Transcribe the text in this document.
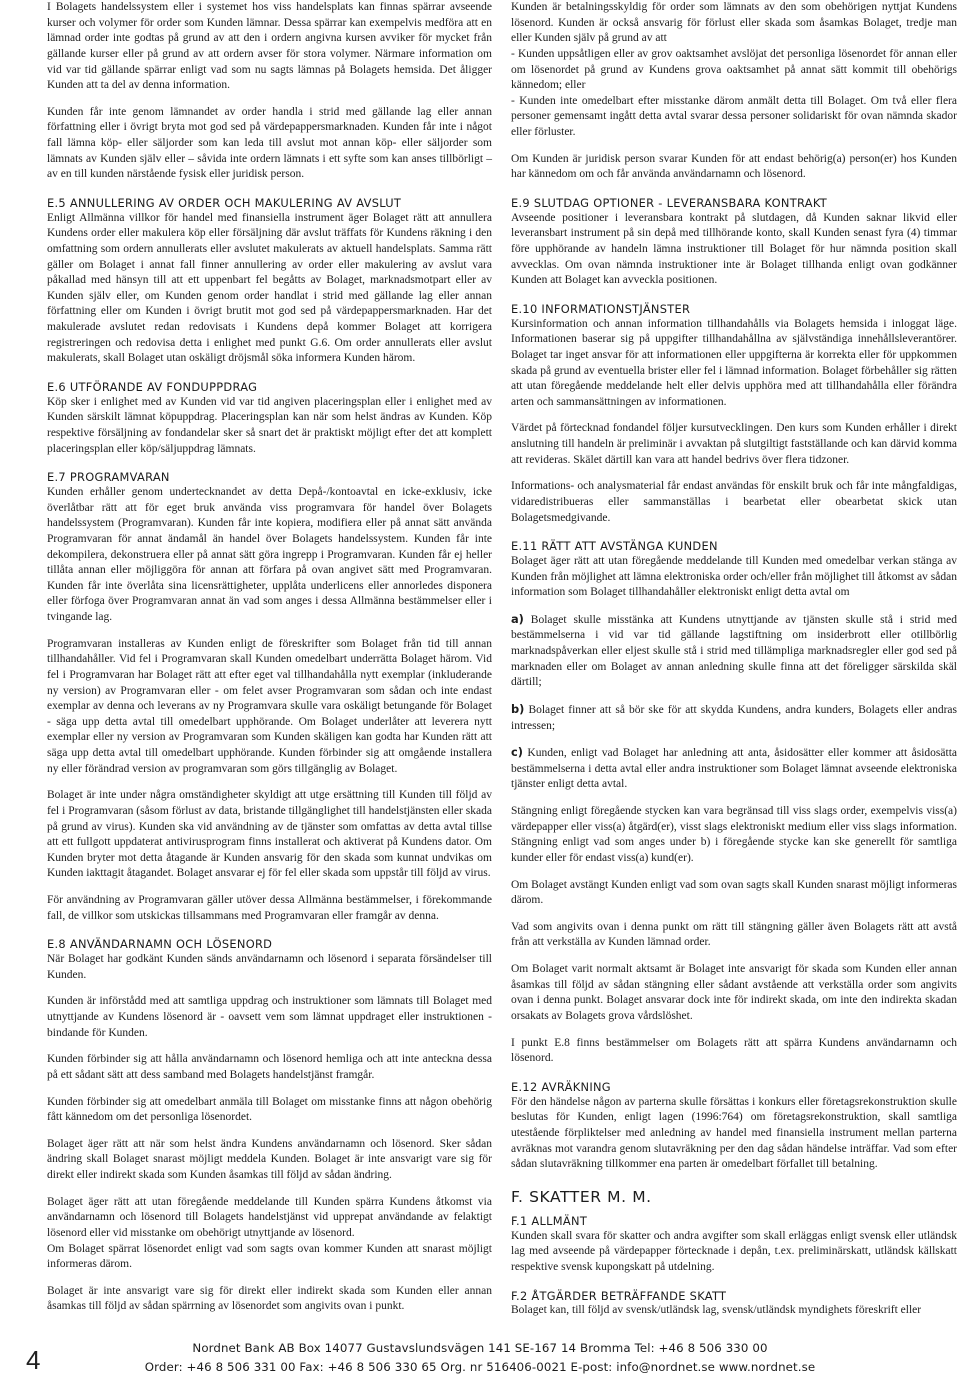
I Bolagets handelssystem eller i systemet hos viss handelsplats kan finnas spärrar avseende kurser och volymer för order som Kunden lämnar. Dessa spärrar kan exempelvis medföra att en lämnad order inte godtas på grund av att den i ordern angivna kursen avviker för mycket från gällande kurser eller på grund av att ordern avser för stora volymer. Närmare information om vid var tid gällande spärrar enligt vad som nu sagts lämnas på Bolagets hemsida. Det åligger Kunden att ta del av denna information.

Kunden får inte genom lämnandet av order handla i strid med gällande lag eller annan författning eller i övrigt bryta mot god sed på värdepappersmarknaden. Kunden får inte i något fall lämna köp- eller säljorder som kan leda till avslut mot annan köp- eller säljorder som lämnats av Kunden själv eller – såvida inte ordern lämnats i ett syfte som kan anses tillbörligt – av en till kunden närstående fysisk eller juridisk person.

E.5 ANNULLERING AV ORDER OCH MAKULERING AV AVSLUT

Enligt Allmänna villkor för handel med finansiella instrument äger Bolaget rätt att annullera Kundens order eller makulera köp eller försäljning där avslut träffats för Kundens räkning i den omfattning som ordern annullerats eller avslutet makulerats av aktuell handelsplats. Samma rätt gäller om Bolaget i annat fall finner annullering av order eller makulering av avslut vara påkallad med hänsyn till att ett uppenbart fel begåtts av Bolaget, marknadsmotpart eller av Kunden själv eller, om Kunden genom order handlat i strid med gällande lag eller annan författning eller om Kunden i övrigt brutit mot god sed på värdepappersmarknaden. Har det makulerade avslutet redan redovisats i Kundens depå kommer Bolaget att korrigera registreringen och redovisa detta i enlighet med punkt G.6. Om order annullerats eller avslut makulerats, skall Bolaget utan oskäligt dröjsmål söka informera Kunden härom.

E.6 UTFÖRANDE AV FONDUPPDRAG

Köp sker i enlighet med av Kunden vid var tid angiven placeringsplan eller i enlighet med av Kunden särskilt lämnat köpuppdrag. Placeringsplan kan när som helst ändras av Kunden. Köp respektive försäljning av fondandelar sker så snart det är praktiskt möjligt efter det att komplett placeringsplan eller köp/säljuppdrag lämnats.

E.7 PROGRAMVARAN

Kunden erhåller genom undertecknandet av detta Depå-/kontoavtal en icke-exklusiv, icke överlåtbar rätt att för eget bruk använda viss programvara för handel över Bolagets handelssystem (Programvaran). Kunden får inte kopiera, modifiera eller på annat sätt använda Programvaran för annat ändamål än handel över Bolagets handelssystem. Kunden får inte dekompilera, dekonstruera eller på annat sätt göra ingrepp i Programvaran. Kunden får ej heller tillåta annan eller möjliggöra för annan att förfara på ovan angivet sätt med Programvaran. Kunden får inte överlåta sina licensrättigheter, upplåta underlicens eller annorledes disponera eller förfoga över Programvaran annat än vad som anges i dessa Allmänna bestämmelser eller i tvingande lag.

Programvaran installeras av Kunden enligt de föreskrifter som Bolaget från tid till annan tillhandahåller. Vid fel i Programvaran skall Kunden omedelbart underrätta Bolaget härom. Vid fel i Programvaran har Bolaget rätt att efter eget val tillhandahålla nytt exemplar (inkluderande ny version) av Programvaran eller - om felet avser Programvaran som sådan och inte endast exemplar av denna och leverans av ny Programvara skulle vara oskäligt betungande för Bolaget - säga upp detta avtal till omedelbart upphörande. Om Bolaget underlåter att leverera nytt exemplar eller ny version av Programvaran som Kunden skäligen kan godta har Kunden rätt att säga upp detta avtal till omedelbart upphörande. Kunden förbinder sig att omgående installera ny eller förändrad version av programvaran som görs tillgänglig av Bolaget.

Bolaget är inte under några omständigheter skyldigt att utge ersättning till Kunden till följd av fel i Programvaran (såsom förlust av data, bristande tillgänglighet till handelstjänsten eller skada på grund av virus). Kunden ska vid användning av de tjänster som omfattas av detta avtal tillse att ett fullgott uppdaterat antivirusprogram finns installerat och aktiverat på Kundens dator. Om Kunden bryter mot detta åtagande är Kunden ansvarig för den skada som kunnat undvikas om Kunden iakttagit åtagandet. Bolaget ansvarar ej för fel eller skada som uppstår till följd av virus.

För användning av Programvaran gäller utöver dessa Allmänna bestämmelser, i förekommande fall, de villkor som utskickas tillsammans med Programvaran eller framgår av denna.

E.8 ANVÄNDARNAMN OCH LÖSENORD

När Bolaget har godkänt Kunden sänds användarnamn och lösenord i separata försändelser till Kunden.

Kunden är införstådd med att samtliga uppdrag och instruktioner som lämnats till Bolaget med utnyttjande av Kundens lösenord är - oavsett vem som lämnat uppdraget eller instruktionen - bindande för Kunden.

Kunden förbinder sig att hålla användarnamn och lösenord hemliga och att inte anteckna dessa på ett sådant sätt att dess samband med Bolagets handelstjänst framgår.

Kunden förbinder sig att omedelbart anmäla till Bolaget om misstanke finns att någon obehörig fått kännedom om det personliga lösenordet.

Bolaget äger rätt att när som helst ändra Kundens användarnamn och lösenord. Sker sådan ändring skall Bolaget snarast möjligt meddela Kunden. Bolaget är inte ansvarigt vare sig för direkt eller indirekt skada som Kunden åsamkas till följd av sådan ändring.

Bolaget äger rätt att utan föregående meddelande till Kunden spärra Kundens åtkomst via användarnamn och lösenord till Bolagets handelstjänst vid upprepat användande av felaktigt lösenord eller vid misstanke om obehörigt utnyttjande av lösenord.

Om Bolaget spärrat lösenordet enligt vad som sagts ovan kommer Kunden att snarast möjligt informeras därom.

Bolaget är inte ansvarigt vare sig för direkt eller indirekt skada som Kunden eller annan åsamkas till följd av sådan spärrning av lösenordet som angivits ovan i punkt.

Kunden är betalningsskyldig för order som lämnats av den som obehörigen nyttjat Kundens lösenord. Kunden är också ansvarig för förlust eller skada som åsamkas Bolaget, tredje man eller Kunden själv på grund av att

- Kunden uppsåtligen eller av grov oaktsamhet avslöjat det personliga lösenordet för annan eller om lösenordet på grund av Kundens grova oaktsamhet på annat sätt kommit till obehörigs kännedom; eller

- Kunden inte omedelbart efter misstanke därom anmält detta till Bolaget. Om två eller flera personer gemensamt ingått detta avtal svarar dessa personer solidariskt för ovan nämnda skador eller förluster.

Om Kunden är juridisk person svarar Kunden för att endast behörig(a) person(er) hos Kunden har kännedom om och får använda användarnamn och lösenord.

E.9 SLUTDAG OPTIONER - LEVERANSBARA KONTRAKT

Avseende positioner i leveransbara kontrakt på slutdagen, då Kunden saknar likvid eller leveransbart instrument på sin depå med tillhörande konto, skall Kunden senast fyra (4) timmar före upphörande av handeln lämna instruktioner till Bolaget för hur nämnda position skall avvecklas. Om ovan nämnda instruktioner inte är Bolaget tillhanda enligt ovan godkänner Kunden att Bolaget kan avveckla positionen.

E.10 INFORMATIONSTJÄNSTER

Kursinformation och annan information tillhandahålls via Bolagets hemsida i inloggat läge. Informationen baserar sig på uppgifter tillhandahållna av självständiga innehållsleverantörer. Bolaget tar inget ansvar för att informationen eller uppgifterna är korrekta eller för uppkommen skada på grund av eventuella brister eller fel i lämnad information. Bolaget förbehåller sig rätten att utan föregående meddelande helt eller delvis upphöra med att tillhandahålla eller förändra arten och sammansättningen av informationen.

Värdet på förtecknad fondandel följer kursutvecklingen. Den kurs som Kunden erhåller i direkt anslutning till handeln är preliminär i avvaktan på slutgiltigt fastställande och kan därvid komma att revideras. Skälet därtill kan vara att handel bedrivs över flera tidzoner.

Informations- och analysmaterial får endast användas för enskilt bruk och får inte mångfaldigas, vidaredistribueras eller sammanställas i bearbetat eller obearbetat skick utan Bolagetsmedgivande.

E.11 RÄTT ATT AVSTÄNGA KUNDEN

Bolaget äger rätt att utan föregående meddelande till Kunden med omedelbar verkan stänga av Kunden från möjlighet att lämna elektroniska order och/eller från möjlighet till åtkomst av sådan information som Bolaget tillhandahåller elektroniskt enligt detta avtal om

a) Bolaget skulle misstänka att Kundens utnyttjande av tjänsten skulle stå i strid med bestämmelserna i vid var tid gällande lagstiftning om insiderbrott eller otillbörlig marknadspåverkan eller eljest skulle stå i strid med tillämpliga marknadsregler eller god sed på marknaden eller om Bolaget av annan anledning skulle finna att det föreligger särskilda skäl därtill;

b) Bolaget finner att så bör ske för att skydda Kundens, andra kunders, Bolagets eller andras intressen;

c) Kunden, enligt vad Bolaget har anledning att anta, åsidosätter eller kommer att åsidosätta bestämmelserna i detta avtal eller andra instruktioner som Bolaget lämnat avseende elektroniska tjänster enligt detta avtal.

Stängning enligt föregående stycken kan vara begränsad till viss slags order, exempelvis viss(a) värdepapper eller viss(a) åtgärd(er), visst slags elektroniskt medium eller viss slags information. Stängning enligt vad som anges under b) i föregående stycke kan ske generellt för samtliga kunder eller för endast viss(a) kund(er).

Om Bolaget avstängt Kunden enligt vad som ovan sagts skall Kunden snarast möjligt informeras därom.

Vad som angivits ovan i denna punkt om rätt till stängning gäller även Bolagets rätt att avstå från att verkställa av Kunden lämnad order.

Om Bolaget varit normalt aktsamt är Bolaget inte ansvarigt för skada som Kunden eller annan åsamkas till följd av sådan stängning eller sådant avstående att verkställa order som angivits ovan i denna punkt. Bolaget ansvarar dock inte för indirekt skada, om inte den indirekta skadan orsakats av Bolagets grova vårdslöshet.

I punkt E.8 finns bestämmelser om Bolagets rätt att spärra Kundens användarnamn och lösenord.

E.12 AVRÄKNING

För den händelse någon av parterna skulle försättas i konkurs eller företagsrekonstruktion skulle beslutas för Kunden, enligt lagen (1996:764) om företagsrekonstruktion, skall samtliga utestående förpliktelser med anledning av handel med finansiella instrument mellan parterna avräknas mot varandra genom slutavräkning per den dag sådan händelse inträffar. Vad som efter sådan slutavräkning tillkommer ena parten är omedelbart förfallet till betalning.

F. SKATTER M. M.
F.1 ALLMÄNT

Kunden skall svara för skatter och andra avgifter som skall erläggas enligt svensk eller utländsk lag med avseende på värdepapper förtecknade i depån, t.ex. preliminärskatt, utländsk källskatt respektive svensk kupongskatt på utdelning.

F.2 ÅTGÄRDER BETRÄFFANDE SKATT

Bolaget kan, till följd av svensk/utländsk lag, svensk/utländsk myndighets föreskrift eller

4	Nordnet Bank AB Box 14077 Gustavslundsvägen 141 SE-167 14 Bromma Tel: +46 8 506 330 00
Order: +46 8 506 331 00 Fax: +46 8 506 330 65 Org. nr 516406-0021 E-post: info@nordnet.se www.nordnet.se
